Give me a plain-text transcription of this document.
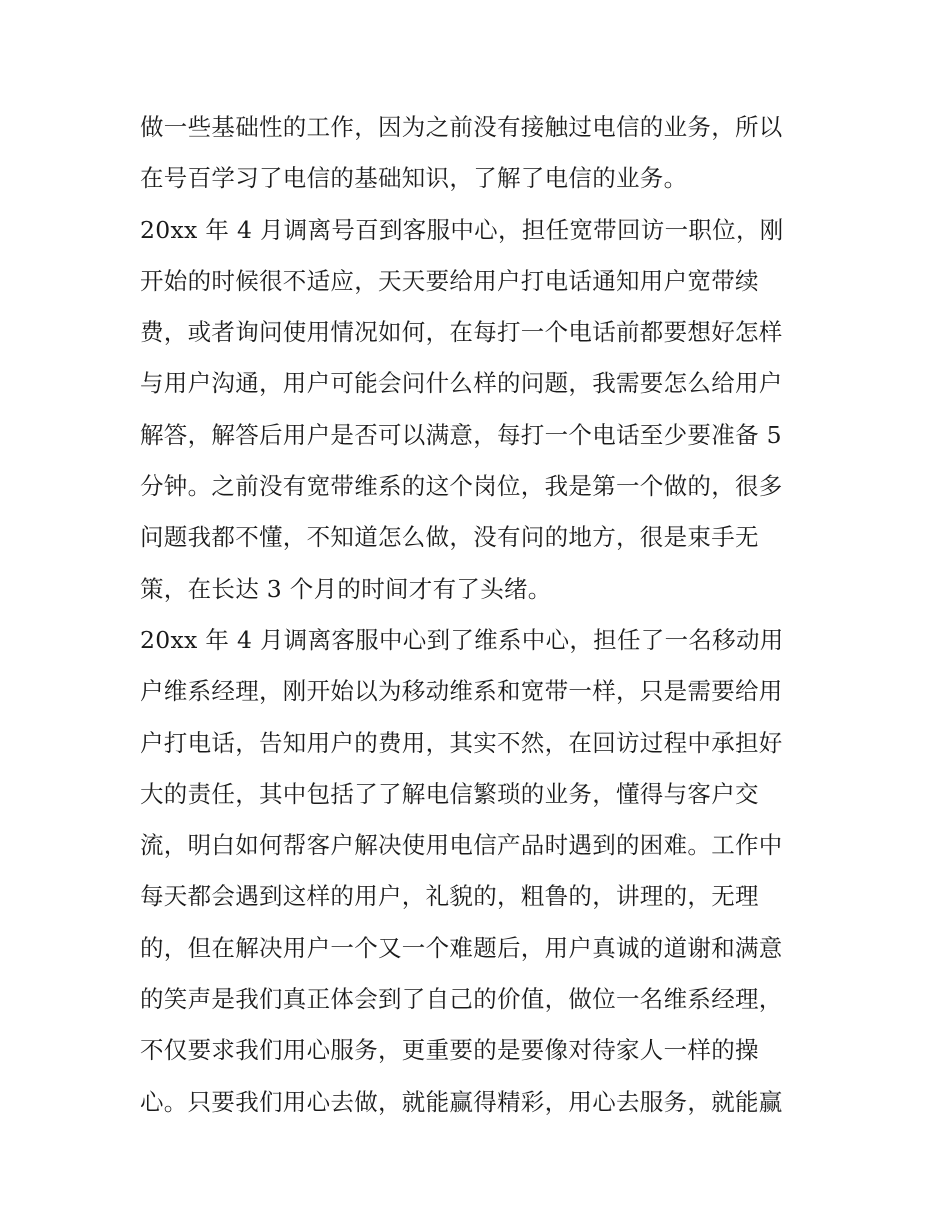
做一些基础性的工作，因为之前没有接触过电信的业务，所以
在号百学习了电信的基础知识，了解了电信的业务。
20xx 年 4 月调离号百到客服中心，担任宽带回访一职位，刚
开始的时候很不适应，天天要给用户打电话通知用户宽带续
费，或者询问使用情况如何，在每打一个电话前都要想好怎样
与用户沟通，用户可能会问什么样的问题，我需要怎么给用户
解答，解答后用户是否可以满意，每打一个电话至少要准备 5
分钟。之前没有宽带维系的这个岗位，我是第一个做的，很多
问题我都不懂，不知道怎么做，没有问的地方，很是束手无
策，在长达 3 个月的时间才有了头绪。
20xx 年 4 月调离客服中心到了维系中心，担任了一名移动用
户维系经理，刚开始以为移动维系和宽带一样，只是需要给用
户打电话，告知用户的费用，其实不然，在回访过程中承担好
大的责任，其中包括了了解电信繁琐的业务，懂得与客户交
流，明白如何帮客户解决使用电信产品时遇到的困难。工作中
每天都会遇到这样的用户，礼貌的，粗鲁的，讲理的，无理
的，但在解决用户一个又一个难题后，用户真诚的道谢和满意
的笑声是我们真正体会到了自己的价值，做位一名维系经理，
不仅要求我们用心服务，更重要的是要像对待家人一样的操
心。只要我们用心去做，就能赢得精彩，用心去服务，就能赢
